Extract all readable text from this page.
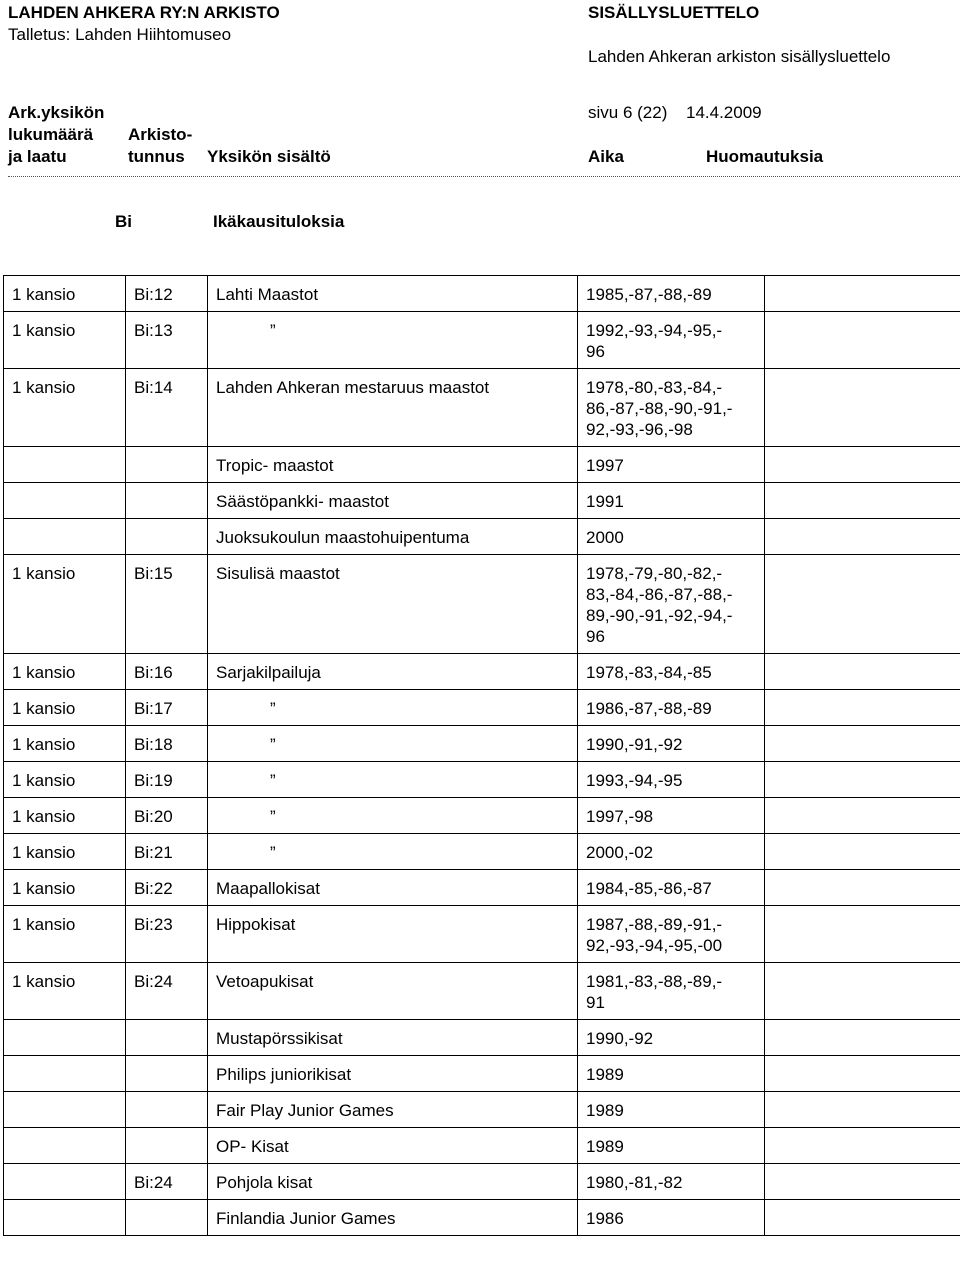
LAHDEN AHKERA RY:N ARKISTO
Talletus: Lahden Hiihtomuseo
SISÄLLYSLUETTELO
Lahden Ahkeran arkiston sisällysluettelo
Ark.yksikön	sivu 6 (22) 14.4.2009
lukumäärä Arkisto-
ja laatu	tunnus Yksikön sisältö	Aika	Huomautuksia
Bi	Ikäkausituloksia
1 kansio	Bi:12	Lahti Maastot	1985,-87,-88,-89	
1 kansio	Bi:13	”	1992,-93,-94,-95,-
96	
1 kansio	Bi:14	Lahden Ahkeran mestaruus maastot	1978,-80,-83,-84,-
86,-87,-88,-90,-91,-
92,-93,-96,-98	
		Tropic- maastot	1997	
		Säästöpankki- maastot	1991	
		Juoksukoulun maastohuipentuma	2000	
1 kansio	Bi:15	Sisulisä maastot	1978,-79,-80,-82,-
83,-84,-86,-87,-88,-
89,-90,-91,-92,-94,-
96	
1 kansio	Bi:16	Sarjakilpailuja	1978,-83,-84,-85	
1 kansio	Bi:17	”	1986,-87,-88,-89	
1 kansio	Bi:18	”	1990,-91,-92	
1 kansio	Bi:19	”	1993,-94,-95	
1 kansio	Bi:20	”	1997,-98	
1 kansio	Bi:21	”	2000,-02	
1 kansio	Bi:22	Maapallokisat	1984,-85,-86,-87	
1 kansio	Bi:23	Hippokisat	1987,-88,-89,-91,-
92,-93,-94,-95,-00	
1 kansio	Bi:24	Vetoapukisat	1981,-83,-88,-89,-
91	
		Mustapörssikisat	1990,-92	
		Philips juniorikisat	1989	
		Fair Play Junior Games	1989	
		OP- Kisat	1989	
	Bi:24	Pohjola kisat	1980,-81,-82	
		Finlandia Junior Games	1986	
